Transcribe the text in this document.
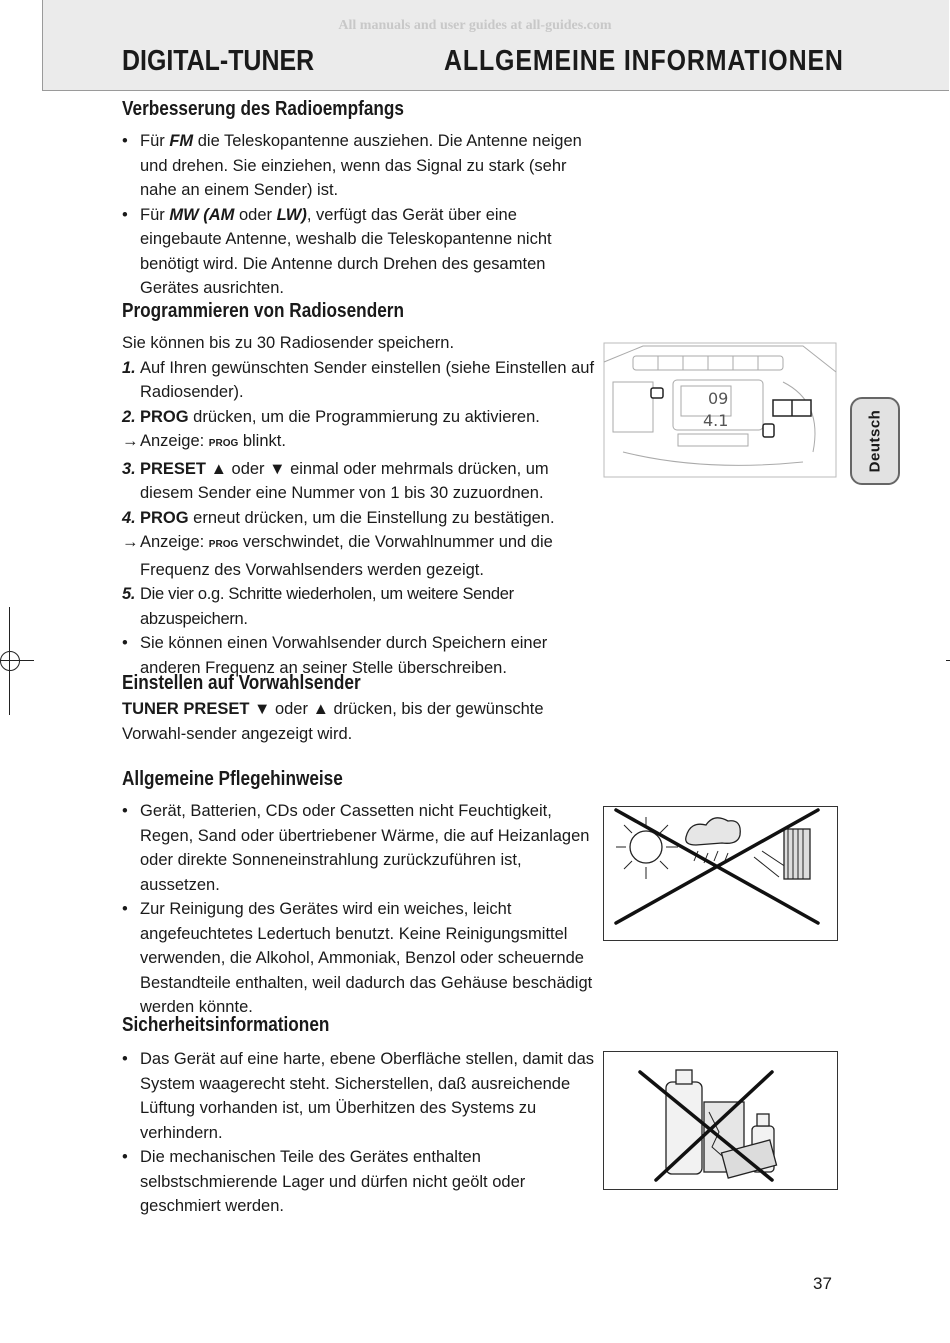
All manuals and user guides at all-guides.com
DIGITAL-TUNER	ALLGEMEINE INFORMATIONEN
Verbesserung des Radioempfangs
• Für FM die Teleskopantenne ausziehen. Die Antenne neigen und drehen. Sie einziehen, wenn das Signal zu stark (sehr nahe an einem Sender) ist.
• Für MW (AM oder LW), verfügt das Gerät über eine eingebaute Antenne, weshalb die Teleskopantenne nicht benötigt wird. Die Antenne durch Drehen des gesamten Gerätes ausrichten.
Programmieren von Radiosendern

Sie können bis zu 30 Radiosender speichern.

1. Auf Ihren gewünschten Sender einstellen (siehe Einstellen auf Radiosender).
2. PROG drücken, um die Programmierung zu aktivieren.
→ Anzeige: PROG blinkt.
3. PRESET ▲ oder ▼ einmal oder mehrmals drücken, um diesem Sender eine Nummer von 1 bis 30 zuzuordnen.
4. PROG erneut drücken, um die Einstellung zu bestätigen.
→ Anzeige: PROG verschwindet, die Vorwahlnummer und die Frequenz des Vorwahlsenders werden gezeigt.
5. Die vier o.g. Schritte wiederholen, um weitere Sender abzuspeichern.
• Sie können einen Vorwahlsender durch Speichern einer anderen Frequenz an seiner Stelle überschreiben.
Einstellen auf Vorwahlsender

TUNER PRESET ▼ oder ▲ drücken, bis der gewünschte Vorwahl-sender angezeigt wird.

Allgemeine Pflegehinweise
• Gerät, Batterien, CDs oder Cassetten nicht Feuchtigkeit, Regen, Sand oder übertriebener Wärme, die auf Heizanlagen oder direkte Sonneneinstrahlung zurückzuführen ist, aussetzen.
• Zur Reinigung des Gerätes wird ein weiches, leicht angefeuchtetes Ledertuch benutzt. Keine Reinigungsmittel verwenden, die Alkohol, Ammoniak, Benzol oder scheuernde Bestandteile enthalten, weil dadurch das Gehäuse beschädigt werden könnte.
Sicherheitsinformationen
• Das Gerät auf eine harte, ebene Oberfläche stellen, damit das System waagerecht steht. Sicherstellen, daß ausreichende Lüftung vorhanden ist, um Überhitzen des Systems zu verhindern.
• Die mechanischen Teile des Gerätes enthalten selbstschmierende Lager und dürfen nicht geölt oder geschmiert werden.
09
4.1	Deutsch
37
